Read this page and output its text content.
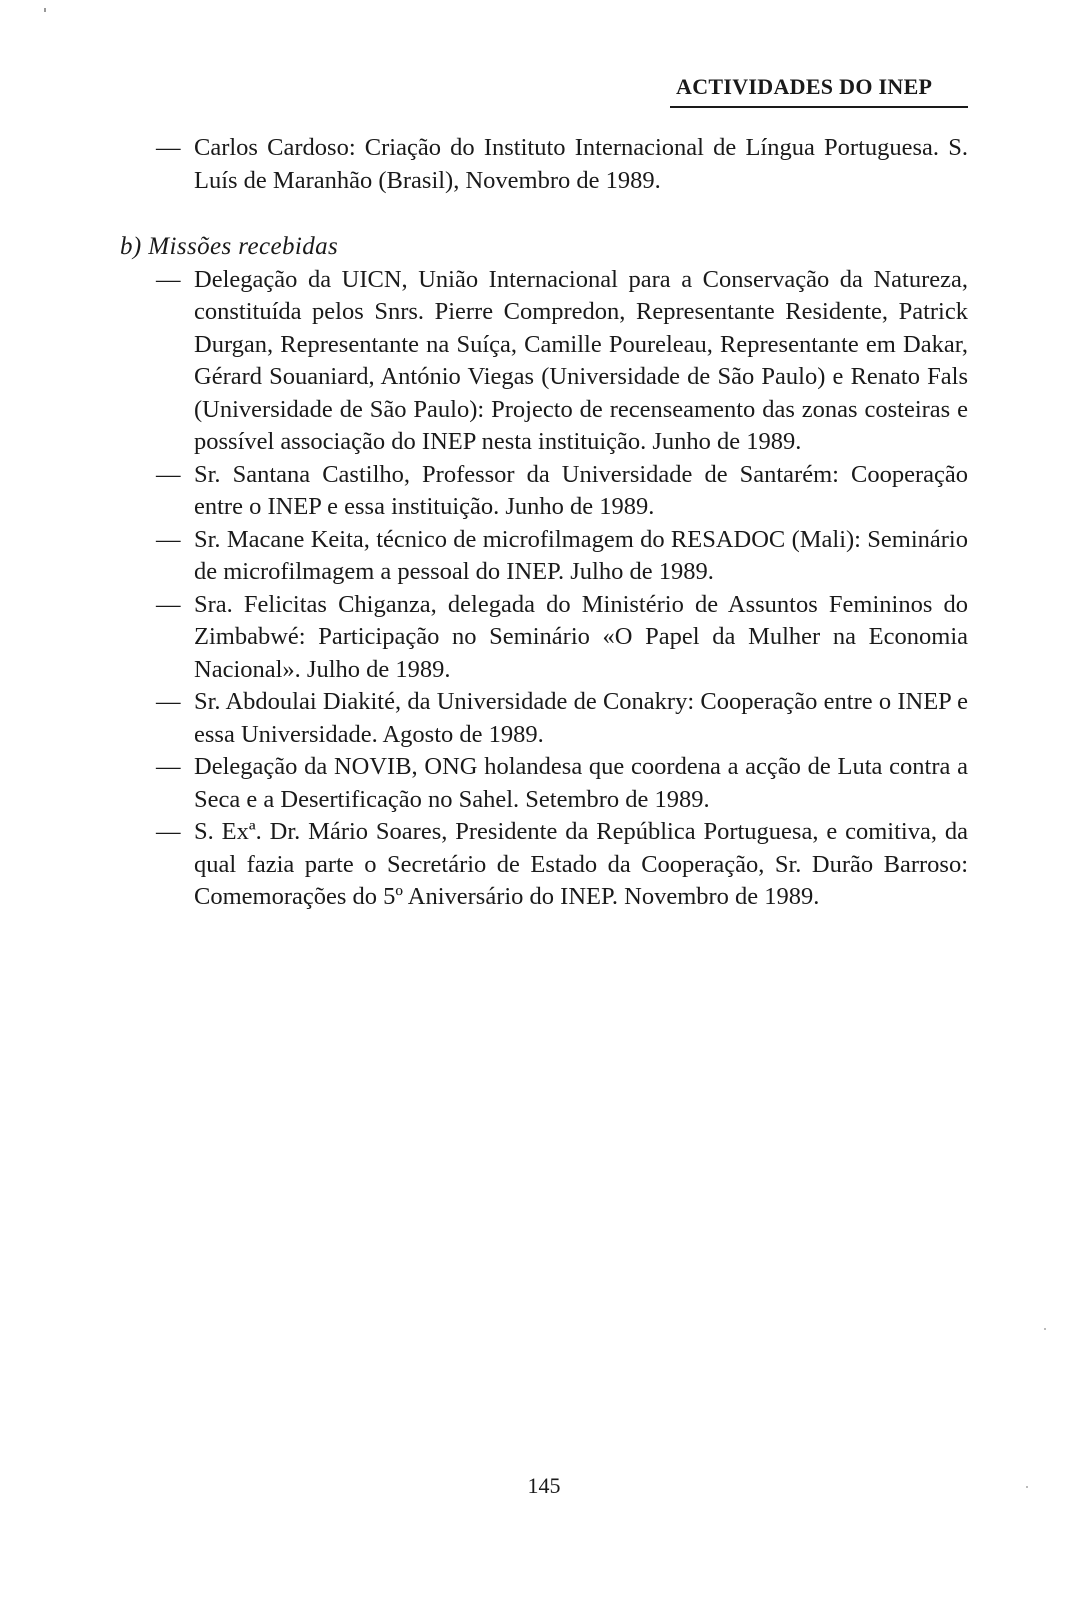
ACTIVIDADES DO INEP
—
Carlos Cardoso: Criação do Instituto Internacional de Língua Portuguesa. S. Luís de Maranhão (Brasil), Novembro de 1989.
b) Missões recebidas
—
Delegação da UICN, União Internacional para a Conservação da Natureza, constituída pelos Snrs. Pierre Compredon, Representante Residente, Patrick Durgan, Representante na Suíça, Camille Poureleau, Representante em Dakar, Gérard Souaniard, António Viegas (Universidade de São Paulo) e Renato Fals (Universidade de São Paulo): Projecto de recenseamento das zonas costeiras e possível associação do INEP nesta instituição. Junho de 1989.
—
Sr. Santana Castilho, Professor da Universidade de Santarém: Cooperação entre o INEP e essa instituição. Junho de 1989.
—
Sr. Macane Keita, técnico de microfilmagem do RESADOC (Mali): Seminário de microfilmagem a pessoal do INEP. Julho de 1989.
—
Sra. Felicitas Chiganza, delegada do Ministério de Assuntos Femininos do Zimbabwé: Participação no Seminário «O Papel da Mulher na Economia Nacional». Julho de 1989.
—
Sr. Abdoulai Diakité, da Universidade de Conakry: Cooperação entre o INEP e essa Universidade. Agosto de 1989.
—
Delegação da NOVIB, ONG holandesa que coordena a acção de Luta contra a Seca e a Desertificação no Sahel. Setembro de 1989.
—
S. Exª. Dr. Mário Soares, Presidente da República Portuguesa, e comitiva, da qual fazia parte o Secretário de Estado da Cooperação, Sr. Durão Barroso: Comemorações do 5º Aniversário do INEP. Novembro de 1989.
145
